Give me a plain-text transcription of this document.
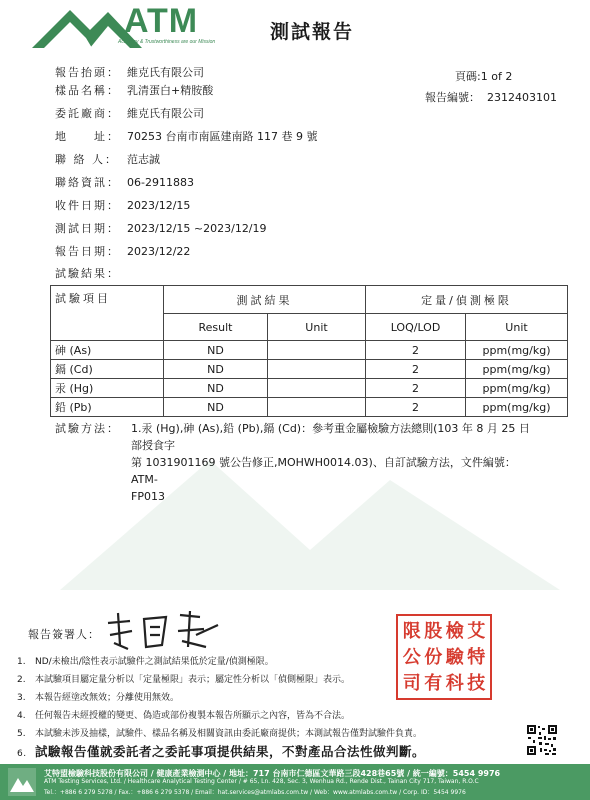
ATM
Accuracy & Trustworthiness are our Mission	測試報告
頁碼:1 of 2
報告編號： 2312403101
報告抬頭： 維克氏有限公司
樣品名稱： 乳清蛋白+精胺酸
委託廠商： 維克氏有限公司
地　　址： 70253 台南市南區建南路 117 巷 9 號
聯 絡 人： 范志誠
聯絡資訊： 06-2911883
收件日期： 2023/12/15
測試日期： 2023/12/15 ~2023/12/19
報告日期： 2023/12/22
試驗結果：
試驗項目	測試結果		定量/偵測極限	
	Result	Unit	LOQ/LOD	Unit
砷 (As)	ND		2	ppm(mg/kg)
鎘 (Cd)	ND		2	ppm(mg/kg)
汞 (Hg)	ND		2	ppm(mg/kg)
鉛 (Pb)	ND		2	ppm(mg/kg)
試驗方法： 1.汞 (Hg),砷 (As),鉛 (Pb),鎘 (Cd)：參考重金屬檢驗方法總則(103 年 8 月 25 日部授食字
第 1031901169 號公告修正,MOHWH0014.03)、自訂試驗方法，文件編號：ATM-
FP013
報告簽署人：	限 股 檢 艾
公 份 驗 特
司 有 科 技
1. ND/未檢出/陰性表示試驗件之測試結果低於定量/偵測極限。
2. 本試驗項目屬定量分析以「定量極限」表示；屬定性分析以「偵側極限」表示。
3. 本報告經塗改無效；分離使用無效。
4. 任何報告未經授權的變更、偽造或部份複製本報告所顯示之內容，皆為不合法。
5. 本試驗未涉及抽樣，試驗件、樣品名稱及相關資訊由委託廠商提供；本測試報告僅對試驗件負責。
6. 試驗報告僅就委託者之委託事項提供結果，不對產品合法性做判斷。
艾特盟檢驗科技股份有限公司 / 健康產業檢測中心 / 地址：717 台南市仁德區文華路三段428巷65號 / 統一編號：5454 9976
ATM Testing Services, Ltd. / Healthcare Analytical Testing Center / # 65, Ln. 428, Sec. 3, Wenhua Rd., Rende Dist., Tainan City 717, Taiwan, R.O.C
Tel.：+886 6 279 5278 / Fax.：+886 6 279 5378 / Email：hat.services@atmlabs.com.tw / Web：www.atmlabs.com.tw / Corp. ID：5454 9976
